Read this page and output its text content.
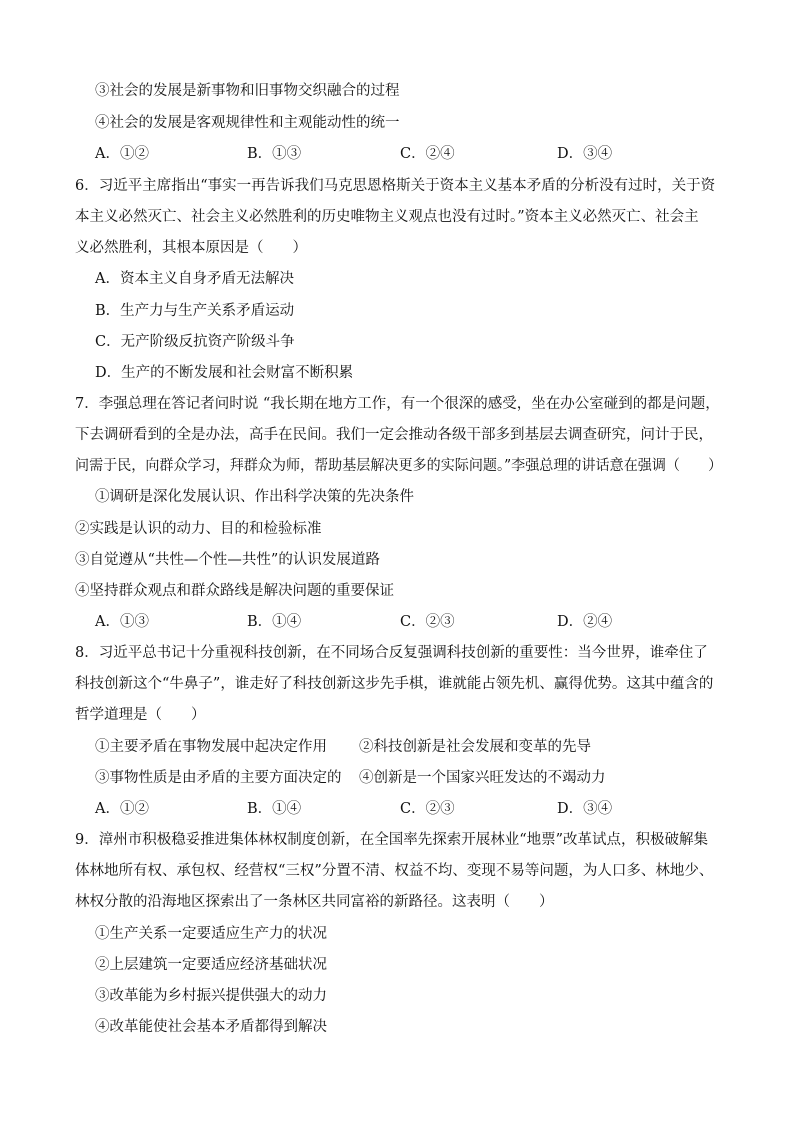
③社会的发展是新事物和旧事物交织融合的过程
④社会的发展是客观规律性和主观能动性的统一
A．①②	B．①③	C．②④	D．③④
6．习近平主席指出“事实一再告诉我们马克思恩格斯关于资本主义基本矛盾的分析没有过时，关于资
本主义必然灭亡、社会主义必然胜利的历史唯物主义观点也没有过时。”资本主义必然灭亡、社会主
义必然胜利，其根本原因是（　　）
A．资本主义自身矛盾无法解决
B．生产力与生产关系矛盾运动
C．无产阶级反抗资产阶级斗争
D．生产的不断发展和社会财富不断积累
7．李强总理在答记者问时说 “我长期在地方工作，有一个很深的感受，坐在办公室碰到的都是问题，
下去调研看到的全是办法，高手在民间。我们一定会推动各级干部多到基层去调查研究，问计于民，
问需于民，向群众学习，拜群众为师，帮助基层解决更多的实际问题。”李强总理的讲话意在强调（　　）
①调研是深化发展认识、作出科学决策的先决条件
②实践是认识的动力、目的和检验标准
③自觉遵从“共性—个性—共性”的认识发展道路
④坚持群众观点和群众路线是解决问题的重要保证
A．①③	B．①④	C．②③	D．②④
8．习近平总书记十分重视科技创新，在不同场合反复强调科技创新的重要性：当今世界，谁牵住了
科技创新这个“牛鼻子”，谁走好了科技创新这步先手棋，谁就能占领先机、赢得优势。这其中蕴含的
哲学道理是（　　）
①主要矛盾在事物发展中起决定作用 ②科技创新是社会发展和变革的先导
③事物性质是由矛盾的主要方面决定的 ④创新是一个国家兴旺发达的不竭动力
A．①②	B．①④	C．②③	D．③④
9．漳州市积极稳妥推进集体林权制度创新，在全国率先探索开展林业“地票”改革试点，积极破解集
体林地所有权、承包权、经营权“三权”分置不清、权益不均、变现不易等问题，为人口多、林地少、
林权分散的沿海地区探索出了一条林区共同富裕的新路径。这表明（　　）
①生产关系一定要适应生产力的状况
②上层建筑一定要适应经济基础状况
③改革能为乡村振兴提供强大的动力
④改革能使社会基本矛盾都得到解决
